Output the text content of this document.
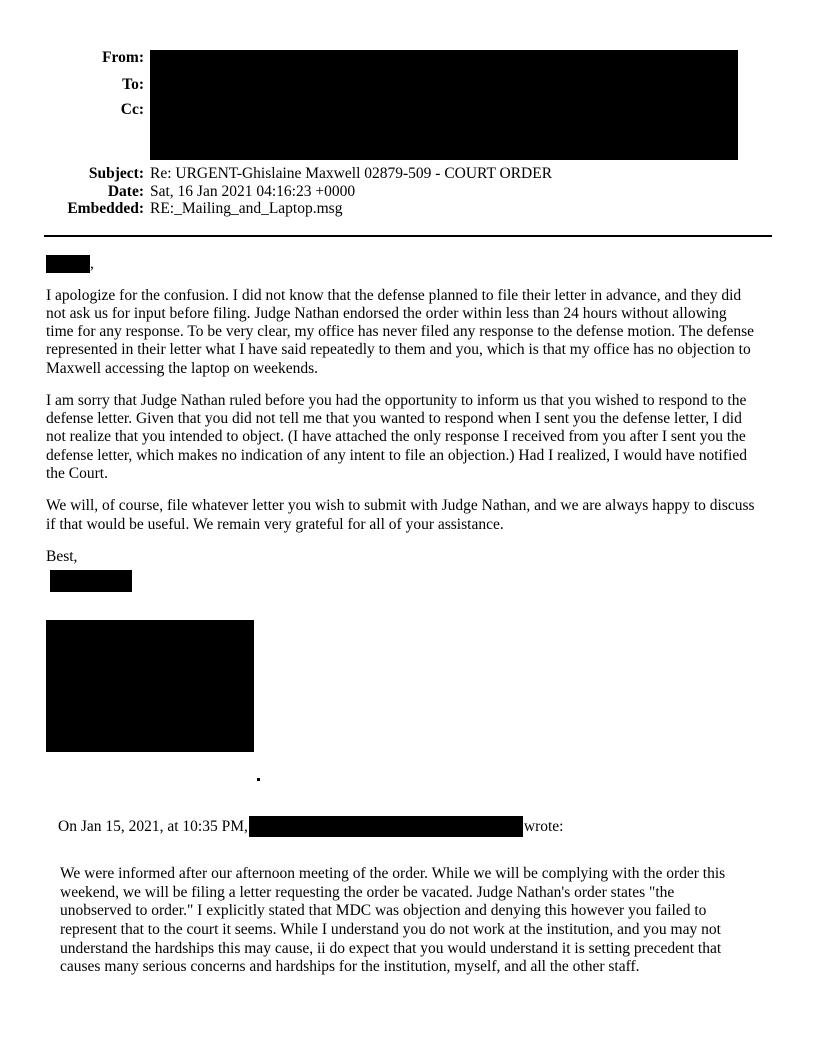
From:
To:
Cc:
Subject: Re: URGENT-Ghislaine Maxwell 02879-509 - COURT ORDER
Date: Sat, 16 Jan 2021 04:16:23 +0000
Embedded: RE:_Mailing_and_Laptop.msg
,

I apologize for the confusion. I did not know that the defense planned to file their letter in advance, and they did not ask us for input before filing. Judge Nathan endorsed the order within less than 24 hours without allowing time for any response. To be very clear, my office has never filed any response to the defense motion. The defense represented in their letter what I have said repeatedly to them and you, which is that my office has no objection to Maxwell accessing the laptop on weekends.

I am sorry that Judge Nathan ruled before you had the opportunity to inform us that you wished to respond to the defense letter. Given that you did not tell me that you wanted to respond when I sent you the defense letter, I did not realize that you intended to object. (I have attached the only response I received from you after I sent you the defense letter, which makes no indication of any intent to file an objection.) Had I realized, I would have notified the Court.

We will, of course, file whatever letter you wish to submit with Judge Nathan, and we are always happy to discuss if that would be useful. We remain very grateful for all of your assistance.

Best,
On Jan 15, 2021, at 10:35 PM,	wrote:

We were informed after our afternoon meeting of the order. While we will be complying with the order this weekend, we will be filing a letter requesting the order be vacated. Judge Nathan's order states "the unobserved to order." I explicitly stated that MDC was objection and denying this however you failed to represent that to the court it seems. While I understand you do not work at the institution, and you may not understand the hardships this may cause, ii do expect that you would understand it is setting precedent that causes many serious concerns and hardships for the institution, myself, and all the other staff.
